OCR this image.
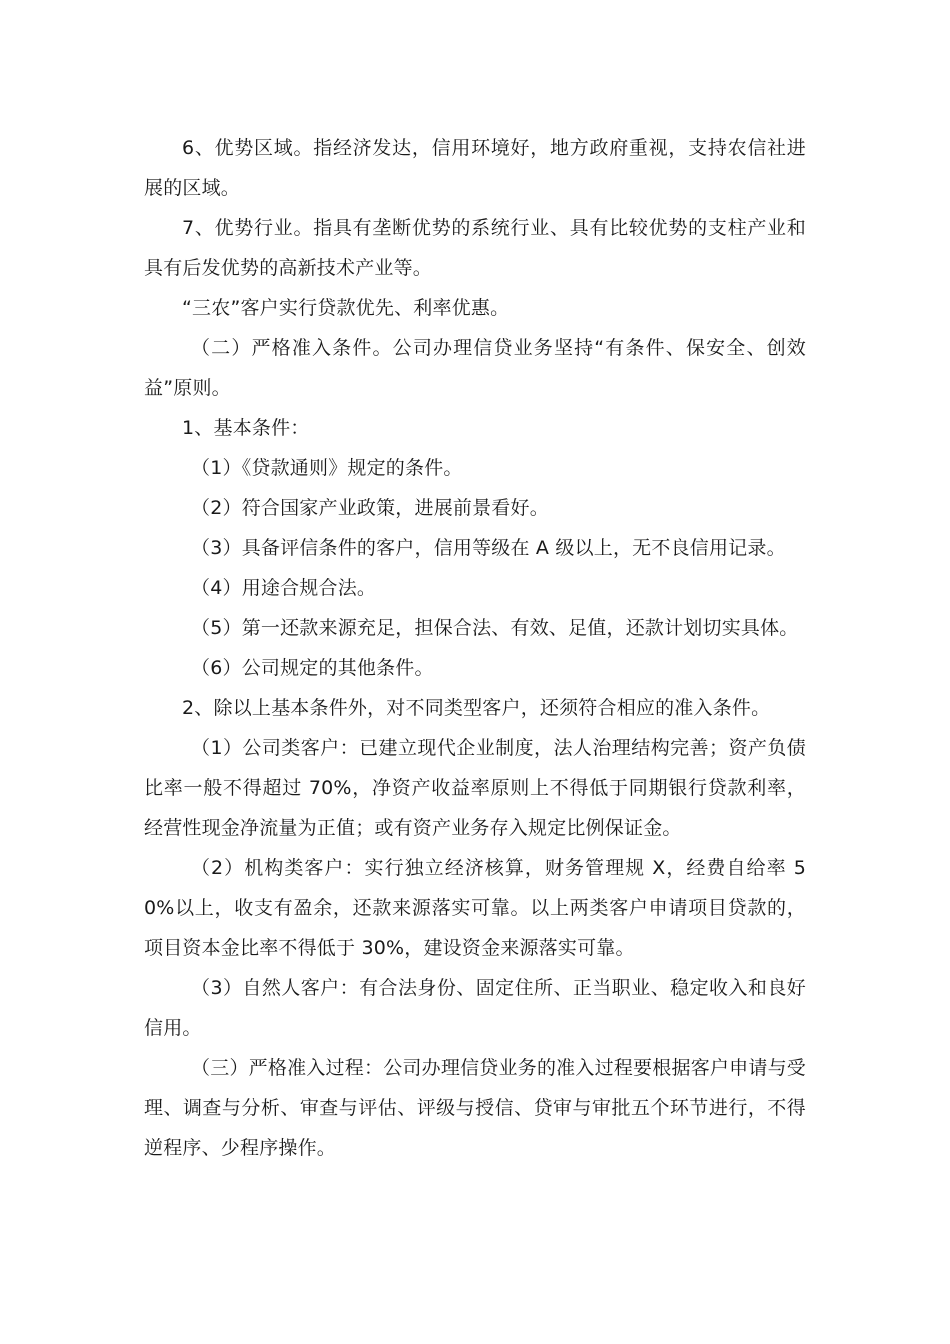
6、优势区域。指经济发达，信用环境好，地方政府重视，支持农信社进展的区域。

7、优势行业。指具有垄断优势的系统行业、具有比较优势的支柱产业和具有后发优势的高新技术产业等。

“三农”客户实行贷款优先、利率优惠。

（二）严格准入条件。公司办理信贷业务坚持“有条件、保安全、创效益”原则。

1、基本条件：

（1）《贷款通则》规定的条件。

（2）符合国家产业政策，进展前景看好。

（3）具备评信条件的客户，信用等级在 A 级以上，无不良信用记录。

（4）用途合规合法。

（5）第一还款来源充足，担保合法、有效、足值，还款计划切实具体。

（6）公司规定的其他条件。

2、除以上基本条件外，对不同类型客户，还须符合相应的准入条件。

（1）公司类客户：已建立现代企业制度，法人治理结构完善；资产负债比率一般不得超过 70%，净资产收益率原则上不得低于同期银行贷款利率，经营性现金净流量为正值；或有资产业务存入规定比例保证金。

（2）机构类客户：实行独立经济核算，财务管理规 X，经费自给率 50%以上，收支有盈余，还款来源落实可靠。以上两类客户申请项目贷款的，项目资本金比率不得低于 30%，建设资金来源落实可靠。

（3）自然人客户：有合法身份、固定住所、正当职业、稳定收入和良好信用。

（三）严格准入过程：公司办理信贷业务的准入过程要根据客户申请与受理、调查与分析、审查与评估、评级与授信、贷审与审批五个环节进行，不得逆程序、少程序操作。
